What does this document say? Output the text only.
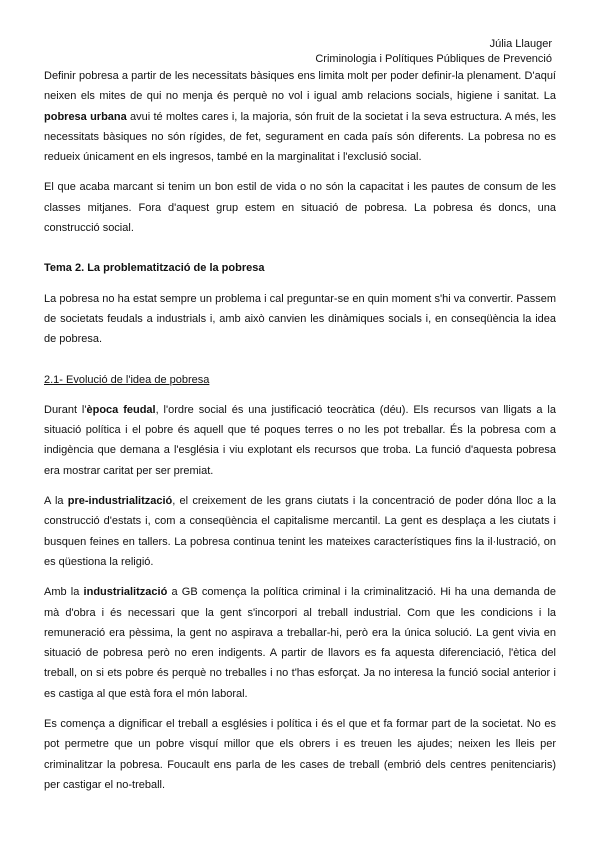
Júlia Llauger
Criminologia i Polítiques Públiques de Prevenció

Definir pobresa a partir de les necessitats bàsiques ens limita molt per poder definir-la plenament. D'aquí neixen els mites de qui no menja és perquè no vol i igual amb relacions socials, higiene i sanitat. La pobresa urbana avui té moltes cares i, la majoria, són fruit de la societat i la seva estructura. A més, les necessitats bàsiques no són rígides, de fet, segurament en cada país són diferents. La pobresa no es redueix únicament en els ingresos, també en la marginalitat i l'exclusió social.

El que acaba marcant si tenim un bon estil de vida o no són la capacitat i les pautes de consum de les classes mitjanes. Fora d'aquest grup estem en situació de pobresa. La pobresa és doncs, una construcció social.

Tema 2. La problematització de la pobresa

La pobresa no ha estat sempre un problema i cal preguntar-se en quin moment s'hi va convertir. Passem de societats feudals a industrials i, amb això canvien les dinàmiques socials i, en conseqüència la idea de pobresa.

2.1- Evolució de l'idea de pobresa

Durant l'època feudal, l'ordre social és una justificació teocràtica (déu). Els recursos van lligats a la situació política i el pobre és aquell que té poques terres o no les pot treballar. És la pobresa com a indigència que demana a l'església i viu explotant els recursos que troba. La funció d'aquesta pobresa era mostrar caritat per ser premiat.

A la pre-industrialització, el creixement de les grans ciutats i la concentració de poder dóna lloc a la construcció d'estats i, com a conseqüència el capitalisme mercantil. La gent es desplaça a les ciutats i busquen feines en tallers. La pobresa continua tenint les mateixes característiques fins la il·lustració, on es qüestiona la religió.

Amb la industrialització a GB comença la política criminal i la criminalització. Hi ha una demanda de mà d'obra i és necessari que la gent s'incorpori al treball industrial. Com que les condicions i la remuneració era pèssima, la gent no aspirava a treballar-hi, però era la única solució. La gent vivia en situació de pobresa però no eren indigents. A partir de llavors es fa aquesta diferenciació, l'ètica del treball, on si ets pobre és perquè no treballes i no t'has esforçat. Ja no interesa la funció social anterior i es castiga al que està fora el món laboral.

Es comença a dignificar el treball a esglésies i política i és el que et fa formar part de la societat. No es pot permetre que un pobre visquí millor que els obrers i es treuen les ajudes; neixen les lleis per criminalitzar la pobresa. Foucault ens parla de les cases de treball (embrió dels centres penitenciaris) per castigar el no-treball.
